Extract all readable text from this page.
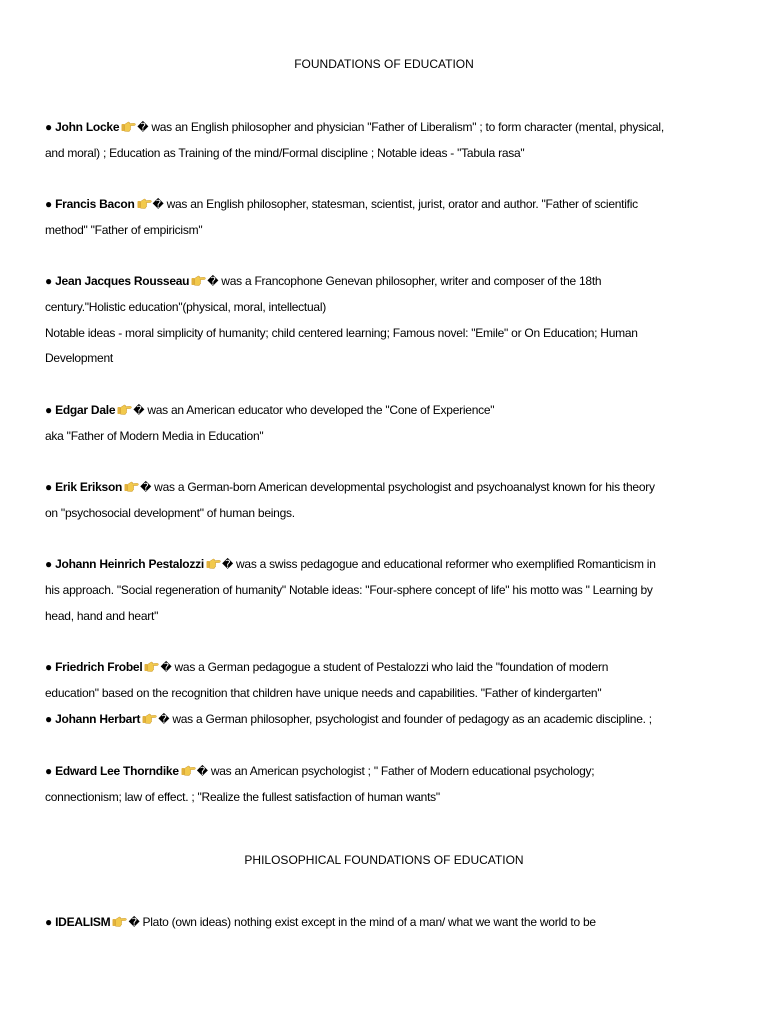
FOUNDATIONS OF EDUCATION
● John Locke � was an English philosopher and physician "Father of Liberalism" ; to form character (mental, physical,
and moral) ; Education as Training of the mind/Formal discipline ; Notable ideas - "Tabula rasa"
● Francis Bacon � was an English philosopher, statesman, scientist, jurist, orator and author. "Father of scientific
method" "Father of empiricism"
● Jean Jacques Rousseau � was a Francophone Genevan philosopher, writer and composer of the 18th
century."Holistic education"(physical, moral, intellectual)
Notable ideas - moral simplicity of humanity; child centered learning; Famous novel: "Emile" or On Education; Human
Development
● Edgar Dale � was an American educator who developed the "Cone of Experience"
aka "Father of Modern Media in Education"
● Erik Erikson � was a German-born American developmental psychologist and psychoanalyst known for his theory
on "psychosocial development" of human beings.
● Johann Heinrich Pestalozzi � was a swiss pedagogue and educational reformer who exemplified Romanticism in
his approach. "Social regeneration of humanity" Notable ideas: "Four-sphere concept of life" his motto was " Learning by
head, hand and heart"
● Friedrich Frobel � was a German pedagogue a student of Pestalozzi who laid the "foundation of modern
education" based on the recognition that children have unique needs and capabilities. "Father of kindergarten"
● Johann Herbart � was a German philosopher, psychologist and founder of pedagogy as an academic discipline. ;
● Edward Lee Thorndike � was an American psychologist ; " Father of Modern educational psychology;
connectionism; law of effect. ; "Realize the fullest satisfaction of human wants"
PHILOSOPHICAL FOUNDATIONS OF EDUCATION
● IDEALISM � Plato (own ideas) nothing exist except in the mind of a man/ what we want the world to be
